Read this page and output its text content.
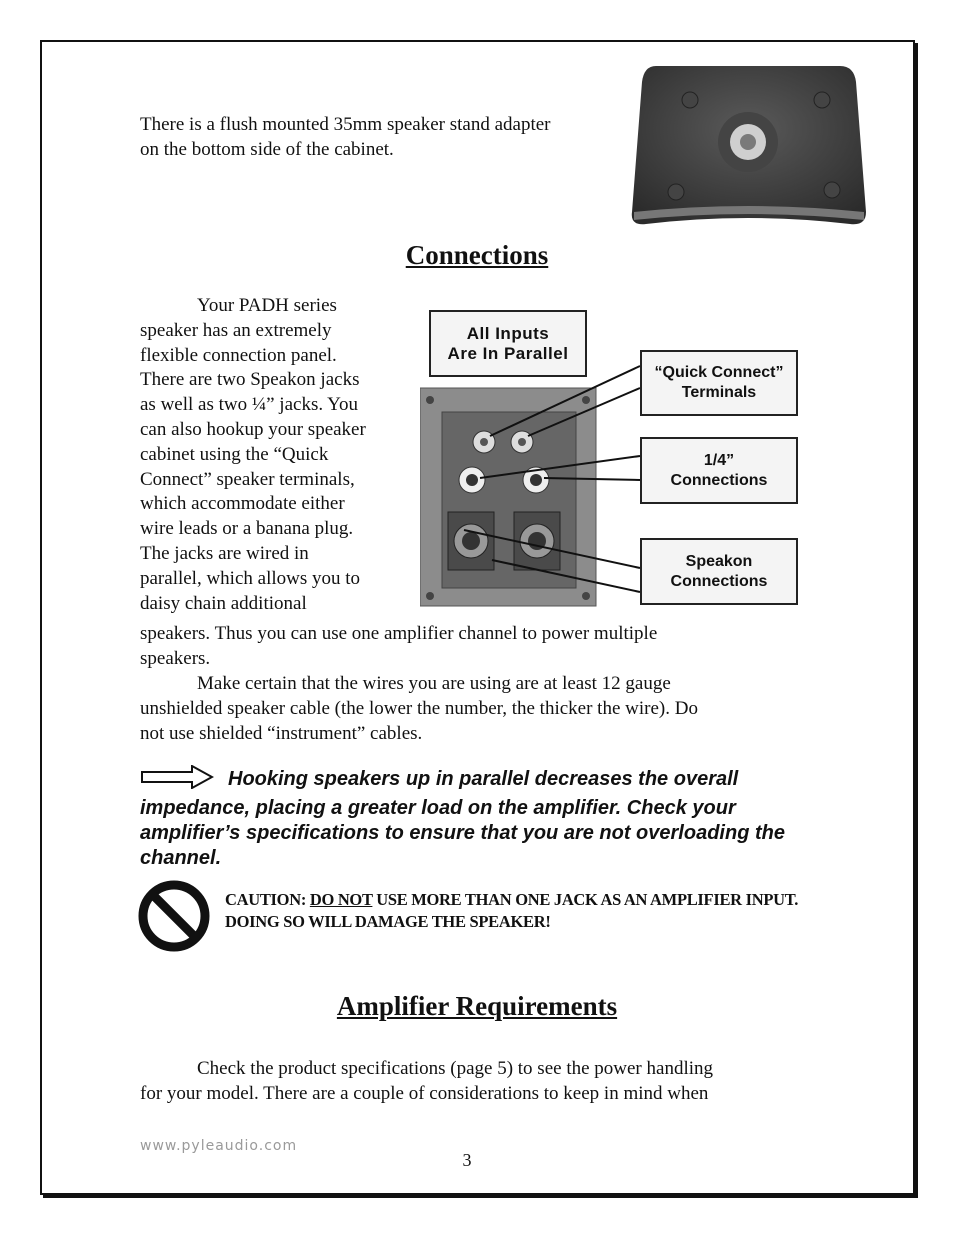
There is a flush mounted 35mm speaker stand adapter
on the bottom side of the cabinet.

Connections

Your PADH series
speaker has an extremely
flexible connection panel.
There are two Speakon jacks
as well as two ¼” jacks. You
can also hookup your speaker
cabinet using the “Quick
Connect” speaker terminals,
which accommodate either
wire leads or a banana plug.
The jacks are wired in
parallel, which allows you to
daisy chain additional

All Inputs
Are In Parallel
“Quick Connect”
Terminals
1/4”
Connections
Speakon
Connections

speakers. Thus you can use one amplifier channel to power multiple
speakers.

Make certain that the wires you are using are at least 12 gauge
unshielded speaker cable (the lower the number, the thicker the wire). Do
not use shielded “instrument” cables.

Hooking speakers up in parallel decreases the overall impedance, placing a greater load on the amplifier. Check your amplifier’s specifications to ensure that you are not overloading the channel.

CAUTION: DO NOT USE MORE THAN ONE JACK AS AN AMPLIFIER INPUT. DOING SO WILL DAMAGE THE SPEAKER!

Amplifier Requirements

Check the product specifications (page 5) to see the power handling
for your model. There are a couple of considerations to keep in mind when

www.pyleaudio.com

3
